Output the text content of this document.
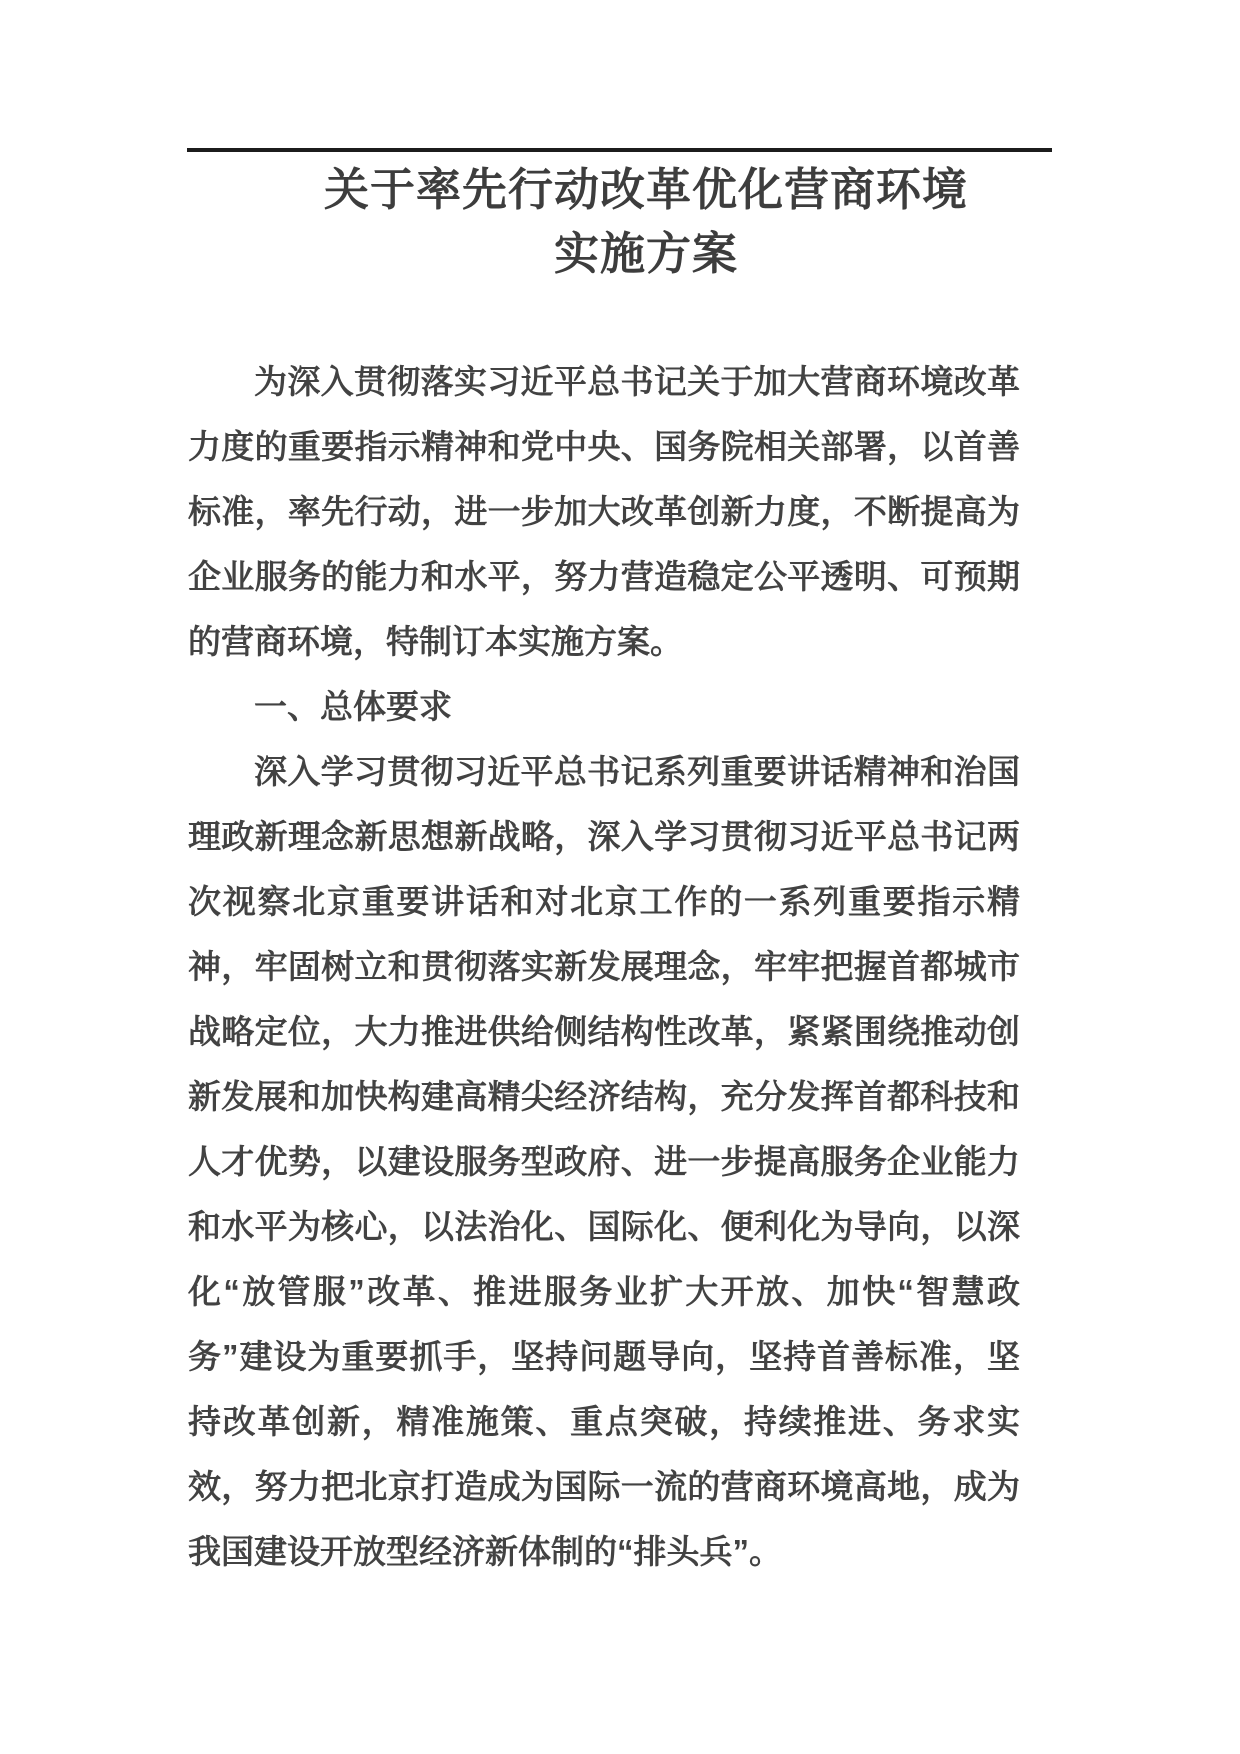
关于率先行动改革优化营商环境
实施方案

为深入贯彻落实习近平总书记关于加大营商环境改革力度的重要指示精神和党中央、国务院相关部署，以首善标准，率先行动，进一步加大改革创新力度，不断提高为企业服务的能力和水平，努力营造稳定公平透明、可预期的营商环境，特制订本实施方案。

一、总体要求

深入学习贯彻习近平总书记系列重要讲话精神和治国理政新理念新思想新战略，深入学习贯彻习近平总书记两次视察北京重要讲话和对北京工作的一系列重要指示精神，牢固树立和贯彻落实新发展理念，牢牢把握首都城市战略定位，大力推进供给侧结构性改革，紧紧围绕推动创新发展和加快构建高精尖经济结构，充分发挥首都科技和人才优势，以建设服务型政府、进一步提高服务企业能力和水平为核心，以法治化、国际化、便利化为导向，以深化“放管服”改革、推进服务业扩大开放、加快“智慧政务”建设为重要抓手，坚持问题导向，坚持首善标准，坚持改革创新，精准施策、重点突破，持续推进、务求实效，努力把北京打造成为国际一流的营商环境高地，成为我国建设开放型经济新体制的“排头兵”。
